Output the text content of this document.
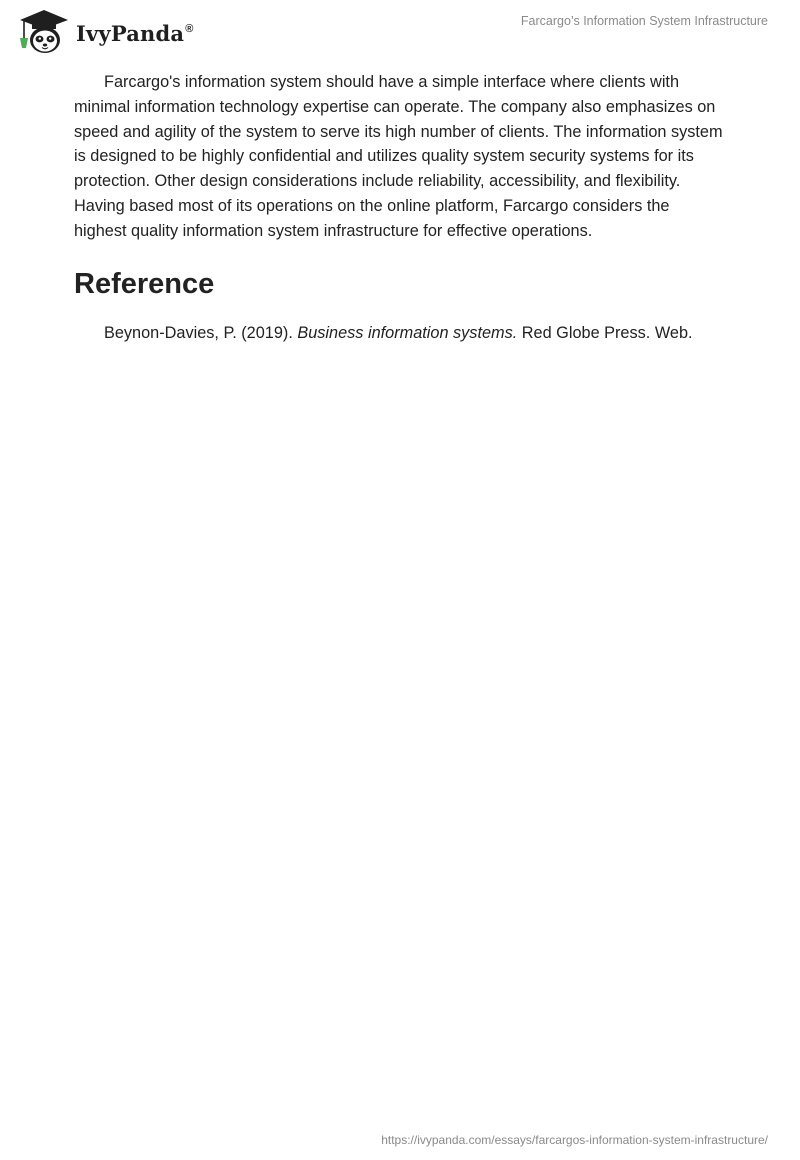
IvyPanda®
Farcargo’s Information System Infrastructure

Farcargo's information system should have a simple interface where clients with minimal information technology expertise can operate. The company also emphasizes on speed and agility of the system to serve its high number of clients. The information system is designed to be highly confidential and utilizes quality system security systems for its protection. Other design considerations include reliability, accessibility, and flexibility. Having based most of its operations on the online platform, Farcargo considers the highest quality information system infrastructure for effective operations.

Reference

Beynon-Davies, P. (2019). Business information systems. Red Globe Press. Web.

https://ivypanda.com/essays/farcargos-information-system-infrastructure/
